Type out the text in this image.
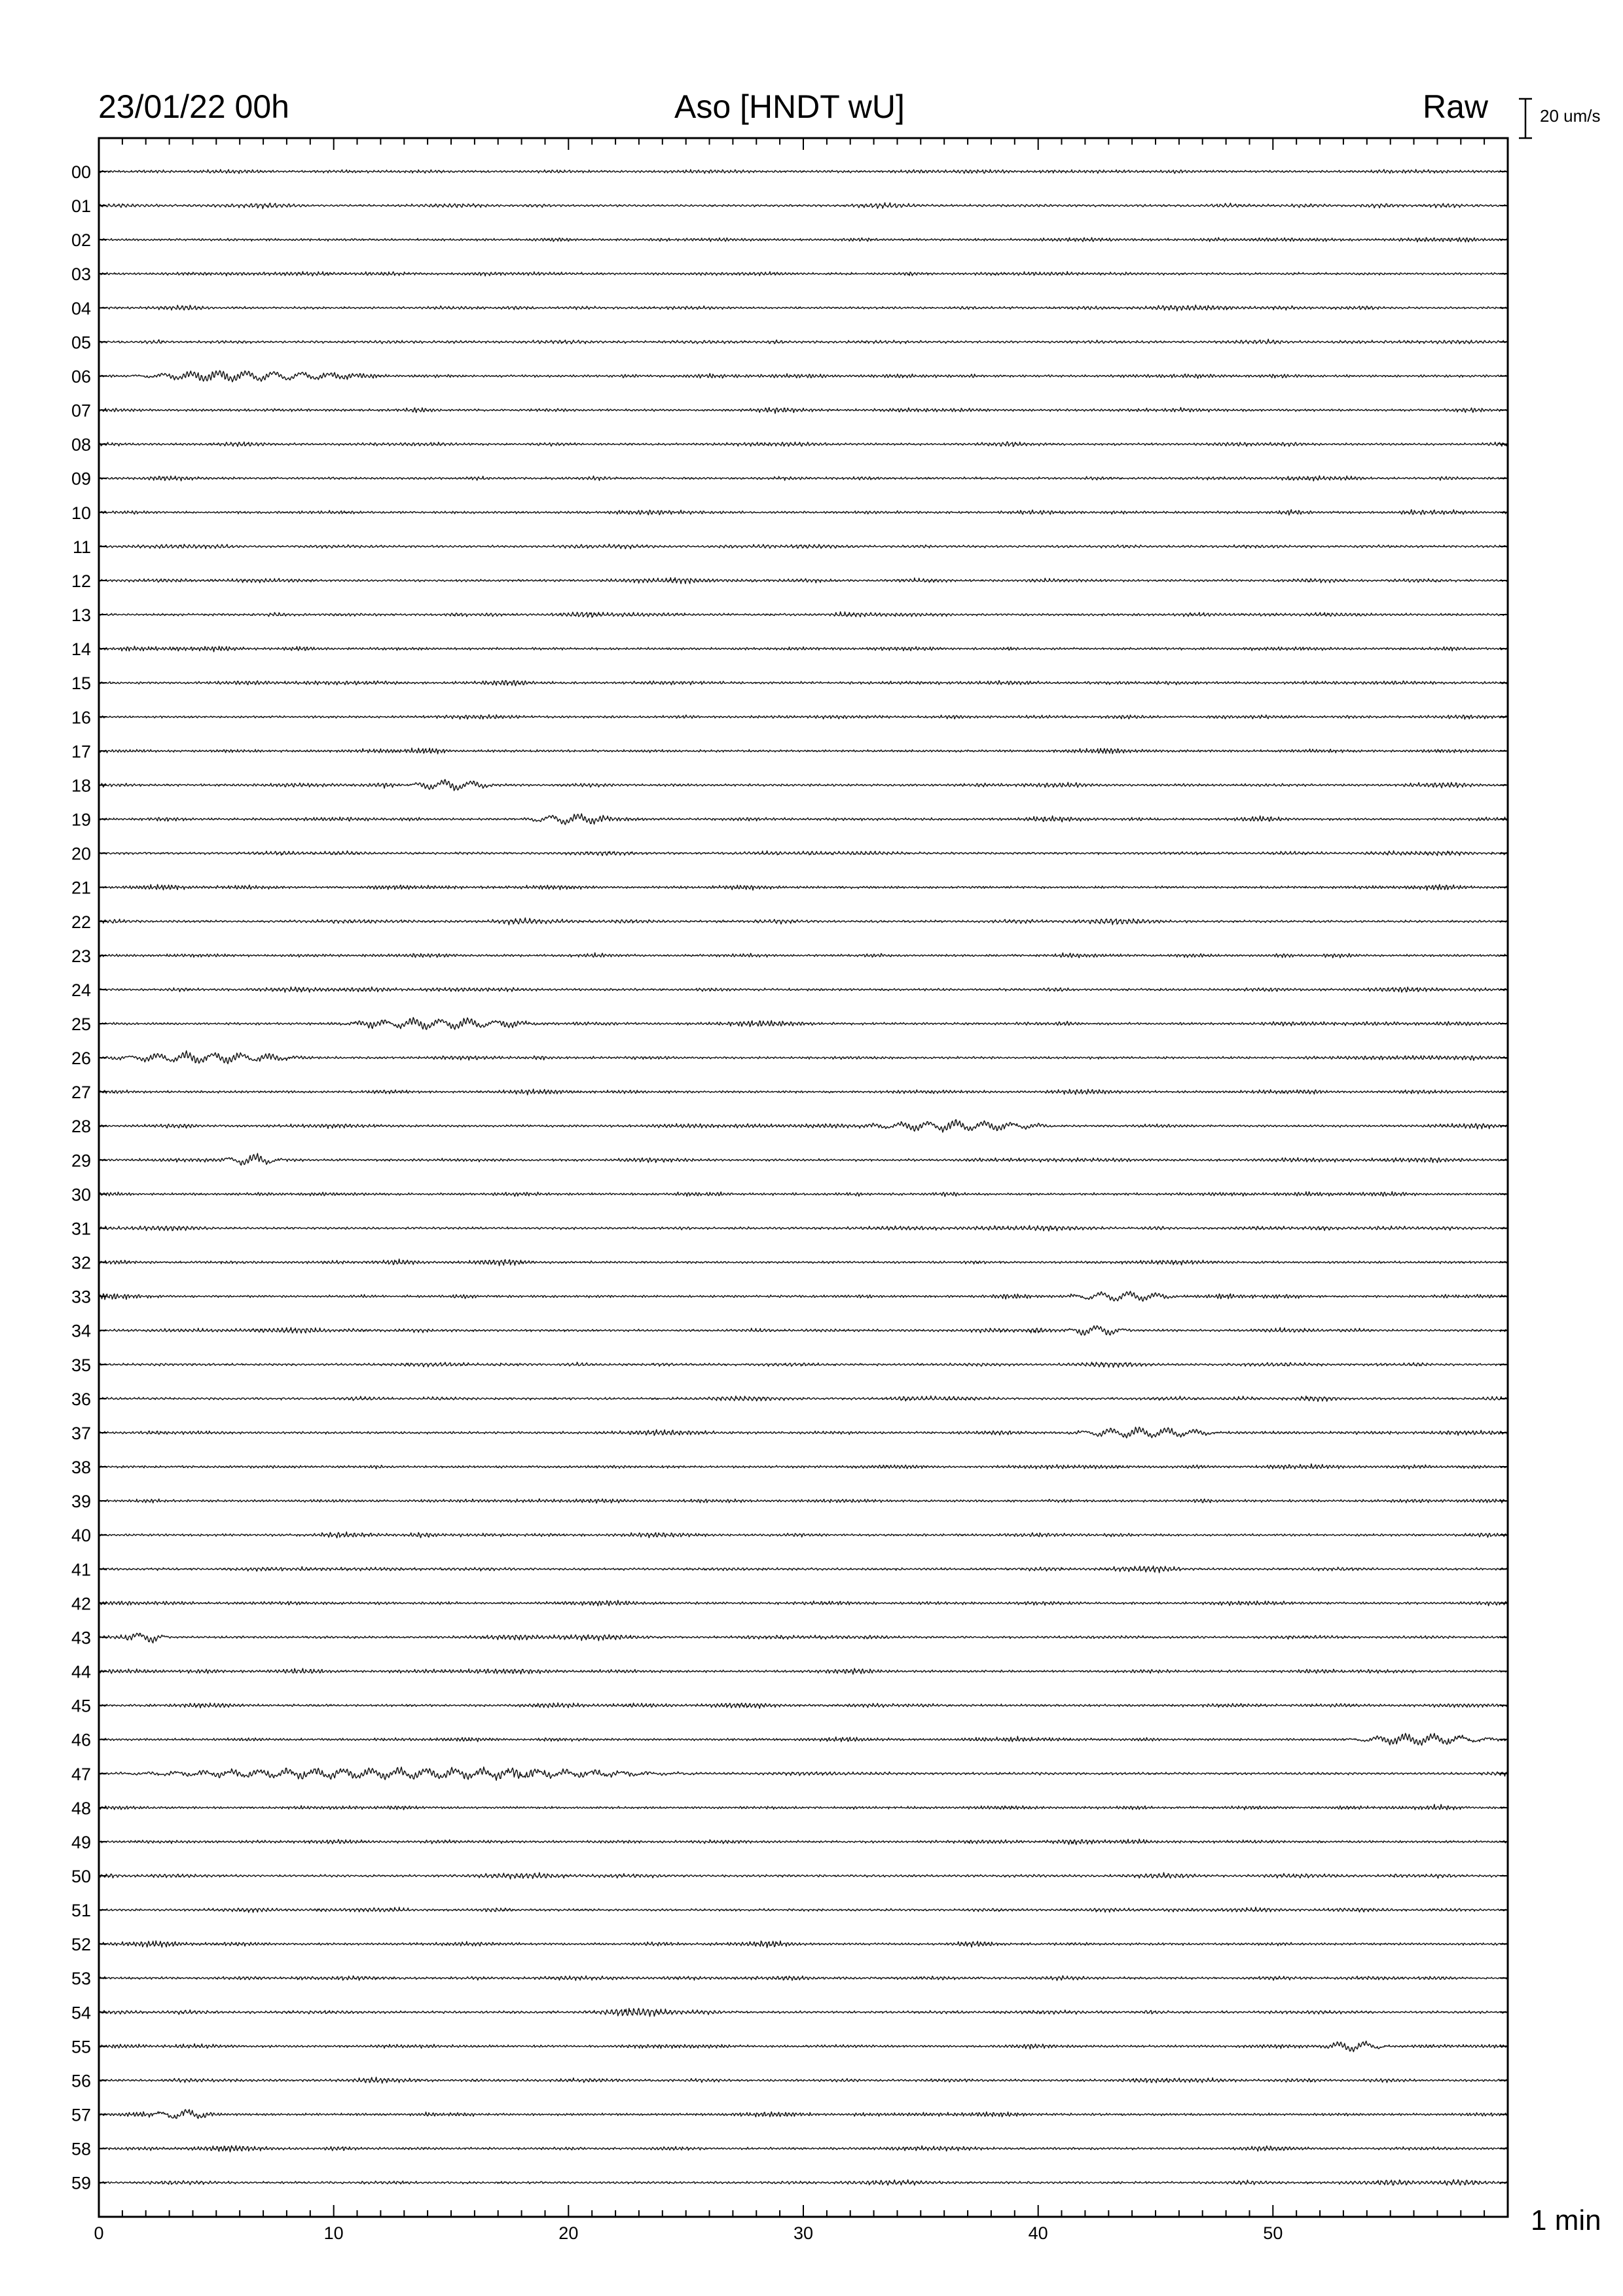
23/01/22 00h	Aso [HNDT wU]	Raw	20 um/s
1 min
00
01
02
03
04
05
06
07
08
09
10
11
12
13
14
15
16
17
18
19
20
21
22
23
24
25
26
27
28
29
30
31
32
33
34
35
36
37
38
39
40
41
42
43
44
45
46
47
48
49
50
51
52
53
54
55
56
57
58
59
0	10	20	30	40	50
